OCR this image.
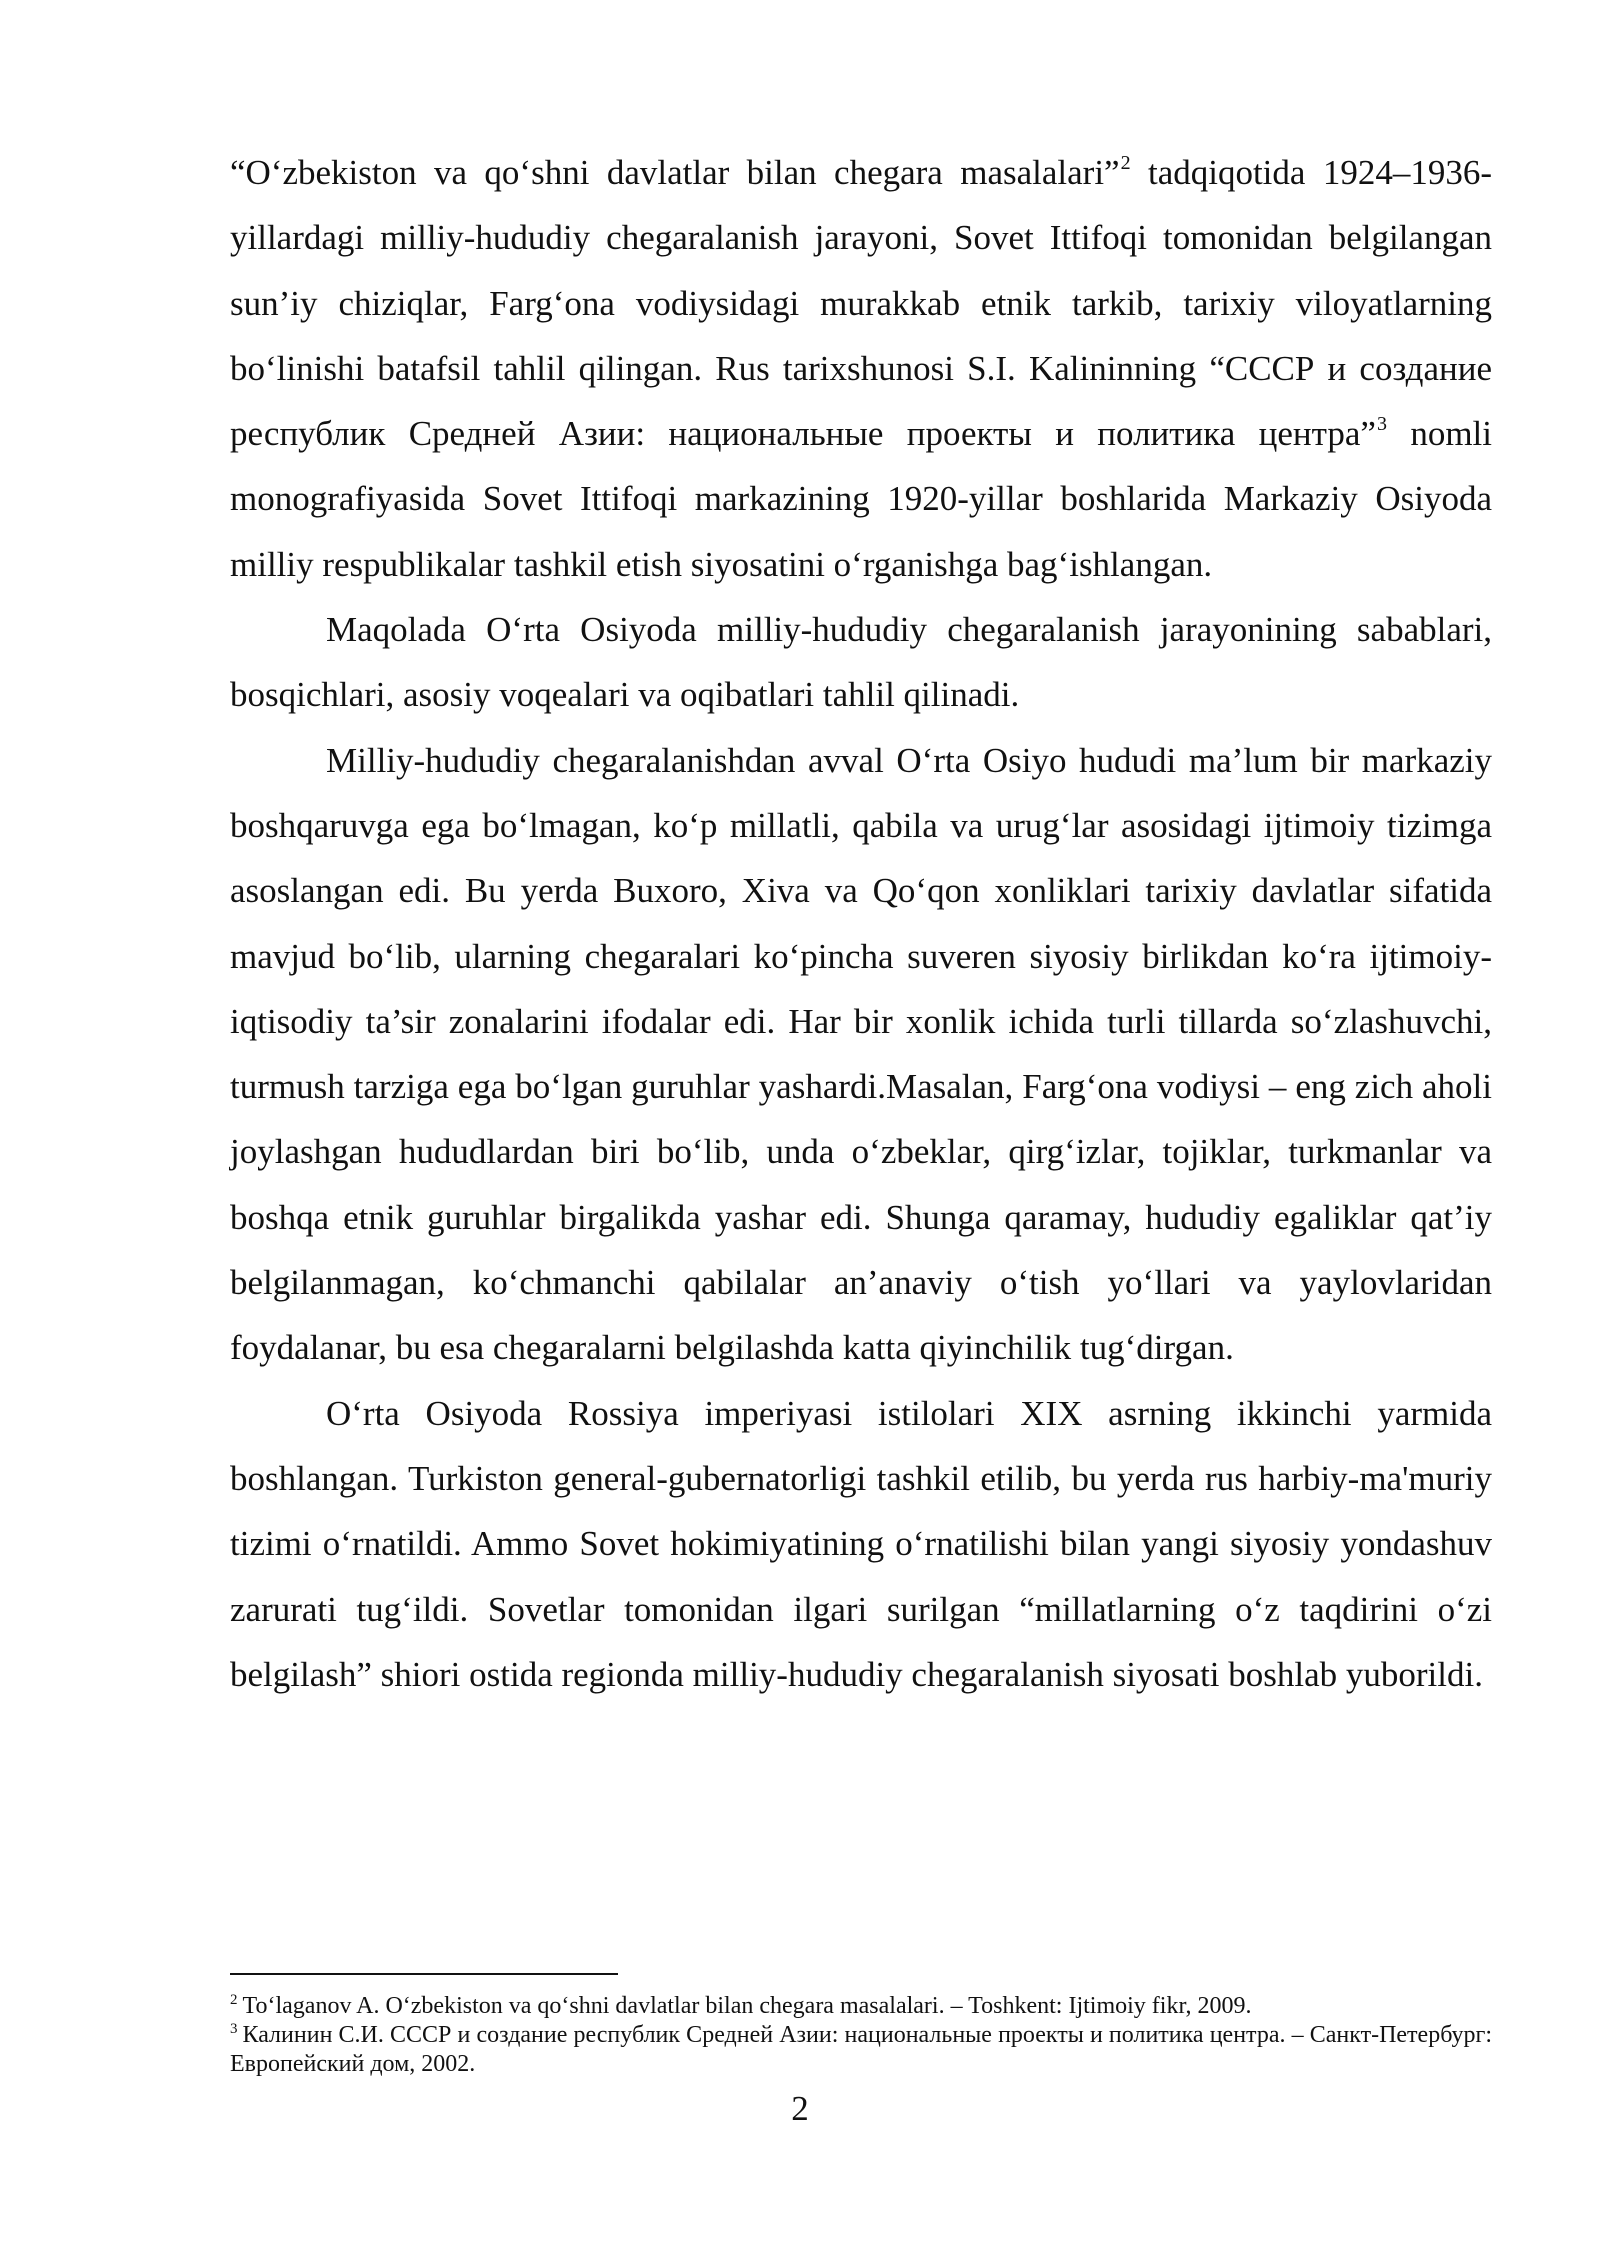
“O‘zbekiston va qo‘shni davlatlar bilan chegara masalalari”$^2$ tadqiqotida 1924–1936-yillardagi milliy-hududiy chegaralanish jarayoni, Sovet Ittifoqi tomonidan belgilangan sun’iy chiziqlar, Farg‘ona vodiysidagi murakkab etnik tarkib, tarixiy viloyatlarning bo‘linishi batafsil tahlil qilingan. Rus tarixshunosi S.I. Kalininning “СССР и создание республик Средней Азии: национальные проекты и политика центра”$^3$ nomli monografiyasida Sovet Ittifoqi markazining 1920-yillar boshlarida Markaziy Osiyoda milliy respublikalar tashkil etish siyosatini o‘rganishga bag‘ishlangan.

Maqolada O‘rta Osiyoda milliy-hududiy chegaralanish jarayonining sabablari, bosqichlari, asosiy voqealari va oqibatlari tahlil qilinadi.

Milliy-hududiy chegaralanishdan avval O‘rta Osiyo hududi ma’lum bir markaziy boshqaruvga ega bo‘lmagan, ko‘p millatli, qabila va urug‘lar asosidagi ijtimoiy tizimga asoslangan edi. Bu yerda Buxoro, Xiva va Qo‘qon xonliklari tarixiy davlatlar sifatida mavjud bo‘lib, ularning chegaralari ko‘pincha suveren siyosiy birlikdan ko‘ra ijtimoiy-iqtisodiy ta’sir zonalarini ifodalar edi. Har bir xonlik ichida turli tillarda so‘zlashuvchi, turmush tarziga ega bo‘lgan guruhlar yashardi.Masalan, Farg‘ona vodiysi – eng zich aholi joylashgan hududlardan biri bo‘lib, unda o‘zbeklar, qirg‘izlar, tojiklar, turkmanlar va boshqa etnik guruhlar birgalikda yashar edi. Shunga qaramay, hududiy egaliklar qat’iy belgilanmagan, ko‘chmanchi qabilalar an’anaviy o‘tish yo‘llari va yaylovlaridan foydalanar, bu esa chegaralarni belgilashda katta qiyinchilik tug‘dirgan.

O‘rta Osiyoda Rossiya imperiyasi istilolari XIX asrning ikkinchi yarmida boshlangan. Turkiston general-gubernatorligi tashkil etilib, bu yerda rus harbiy-ma'muriy tizimi o‘rnatildi. Ammo Sovet hokimiyatining o‘rnatilishi bilan yangi siyosiy yondashuv zarurati tug‘ildi. Sovetlar tomonidan ilgari surilgan “millatlarning o‘z taqdirini o‘zi belgilash” shiori ostida regionda milliy-hududiy chegaralanish siyosati boshlab yuborildi.

$^2$ To‘laganov A. O‘zbekiston va qo‘shni davlatlar bilan chegara masalalari. – Toshkent: Ijtimoiy fikr, 2009.

$^3$ Калинин С.И. СССР и создание республик Средней Азии: национальные проекты и политика центра. – Санкт-Петербург: Европейский дом, 2002.

2
